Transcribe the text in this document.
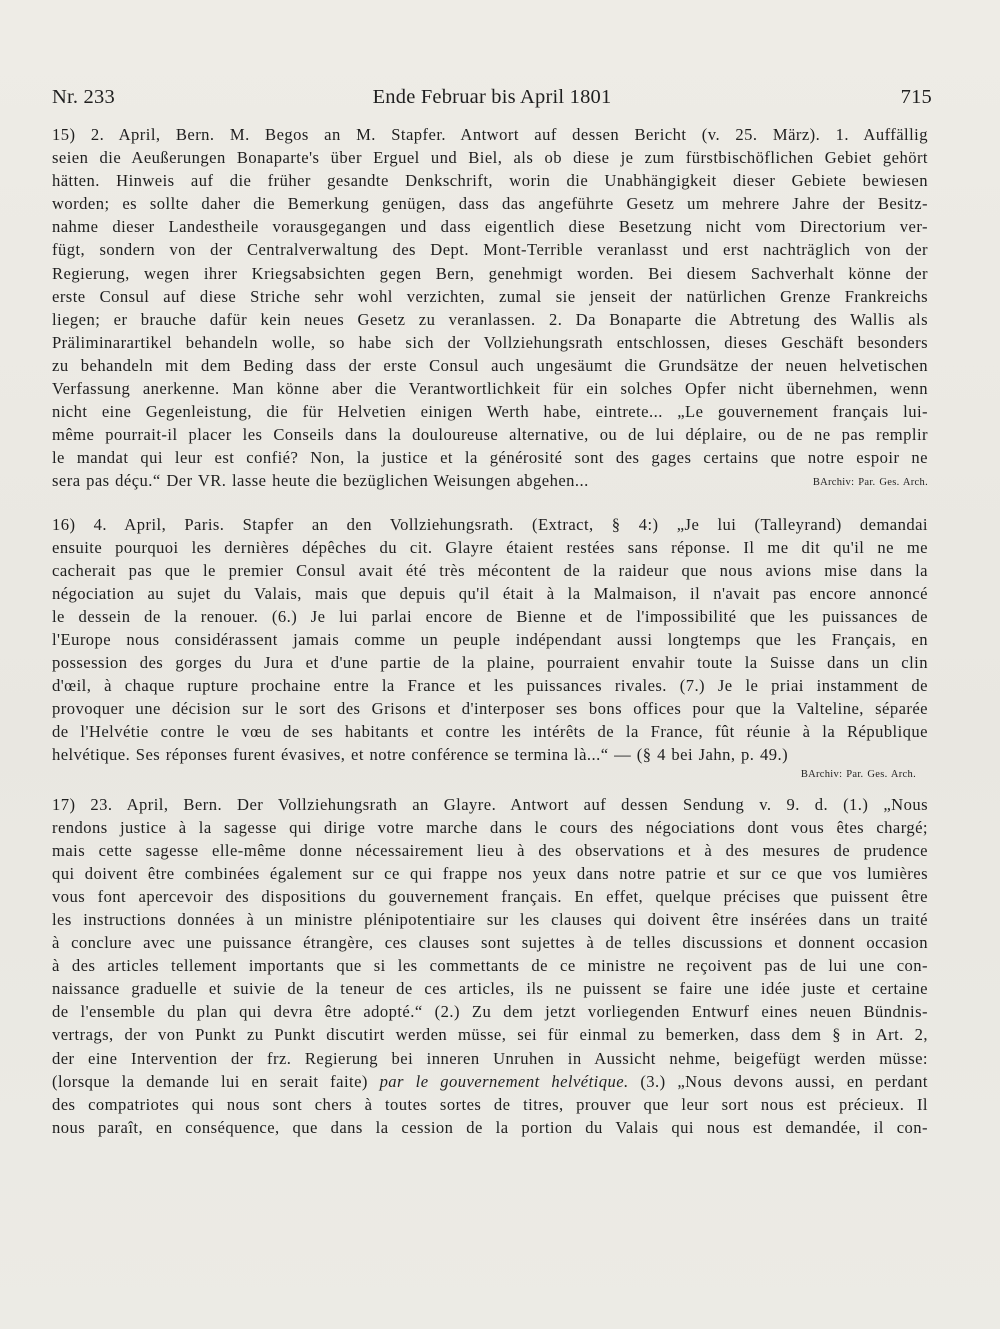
Nr. 233	Ende Februar bis April 1801	715
15) 2. April, Bern. M. Begos an M. Stapfer. Antwort auf dessen Bericht (v. 25. März). 1. Auffällig
seien die Aeußerungen Bonaparte's über Erguel und Biel, als ob diese je zum fürstbischöflichen Gebiet gehört
hätten. Hinweis auf die früher gesandte Denkschrift, worin die Unabhängigkeit dieser Gebiete bewiesen
worden; es sollte daher die Bemerkung genügen, dass das angeführte Gesetz um mehrere Jahre der Besitz-
nahme dieser Landestheile vorausgegangen und dass eigentlich diese Besetzung nicht vom Directorium ver-
fügt, sondern von der Centralverwaltung des Dept. Mont-Terrible veranlasst und erst nachträglich von der
Regierung, wegen ihrer Kriegsabsichten gegen Bern, genehmigt worden. Bei diesem Sachverhalt könne der
erste Consul auf diese Striche sehr wohl verzichten, zumal sie jenseit der natürlichen Grenze Frankreichs
liegen; er brauche dafür kein neues Gesetz zu veranlassen. 2. Da Bonaparte die Abtretung des Wallis als
Präliminarartikel behandeln wolle, so habe sich der Vollziehungsrath entschlossen, dieses Geschäft besonders
zu behandeln mit dem Beding dass der erste Consul auch ungesäumt die Grundsätze der neuen helvetischen
Verfassung anerkenne. Man könne aber die Verantwortlichkeit für ein solches Opfer nicht übernehmen, wenn
nicht eine Gegenleistung, die für Helvetien einigen Werth habe, eintrete... „Le gouvernement français lui-
même pourrait-il placer les Conseils dans la douloureuse alternative, ou de lui déplaire, ou de ne pas remplir
le mandat qui leur est confié? Non, la justice et la générosité sont des gages certains que notre espoir ne
sera pas déçu.“ Der VR. lasse heute die bezüglichen Weisungen abgehen...	BArchiv: Par. Ges. Arch.
16) 4. April, Paris. Stapfer an den Vollziehungsrath. (Extract, § 4:) „Je lui (Talleyrand) demandai
ensuite pourquoi les dernières dépêches du cit. Glayre étaient restées sans réponse. Il me dit qu'il ne me
cacherait pas que le premier Consul avait été très mécontent de la raideur que nous avions mise dans la
négociation au sujet du Valais, mais que depuis qu'il était à la Malmaison, il n'avait pas encore annoncé
le dessein de la renouer. (6.) Je lui parlai encore de Bienne et de l'impossibilité que les puissances de
l'Europe nous considérassent jamais comme un peuple indépendant aussi longtemps que les Français, en
possession des gorges du Jura et d'une partie de la plaine, pourraient envahir toute la Suisse dans un clin
d'œil, à chaque rupture prochaine entre la France et les puissances rivales. (7.) Je le priai instamment de
provoquer une décision sur le sort des Grisons et d'interposer ses bons offices pour que la Valteline, séparée
de l'Helvétie contre le vœu de ses habitants et contre les intérêts de la France, fût réunie à la République
helvétique. Ses réponses furent évasives, et notre conférence se termina là...“ — (§ 4 bei Jahn, p. 49.)
BArchiv: Par. Ges. Arch.
17) 23. April, Bern. Der Vollziehungsrath an Glayre. Antwort auf dessen Sendung v. 9. d. (1.) „Nous
rendons justice à la sagesse qui dirige votre marche dans le cours des négociations dont vous êtes chargé;
mais cette sagesse elle-même donne nécessairement lieu à des observations et à des mesures de prudence
qui doivent être combinées également sur ce qui frappe nos yeux dans notre patrie et sur ce que vos lumières
vous font apercevoir des dispositions du gouvernement français. En effet, quelque précises que puissent être
les instructions données à un ministre plénipotentiaire sur les clauses qui doivent être insérées dans un traité
à conclure avec une puissance étrangère, ces clauses sont sujettes à de telles discussions et donnent occasion
à des articles tellement importants que si les commettants de ce ministre ne reçoivent pas de lui une con-
naissance graduelle et suivie de la teneur de ces articles, ils ne puissent se faire une idée juste et certaine
de l'ensemble du plan qui devra être adopté.“ (2.) Zu dem jetzt vorliegenden Entwurf eines neuen Bündnis-
vertrags, der von Punkt zu Punkt discutirt werden müsse, sei für einmal zu bemerken, dass dem § in Art. 2,
der eine Intervention der frz. Regierung bei inneren Unruhen in Aussicht nehme, beigefügt werden müsse:
(lorsque la demande lui en serait faite) par le gouvernement helvétique. (3.) „Nous devons aussi, en perdant
des compatriotes qui nous sont chers à toutes sortes de titres, prouver que leur sort nous est précieux. Il
nous paraît, en conséquence, que dans la cession de la portion du Valais qui nous est demandée, il con-
